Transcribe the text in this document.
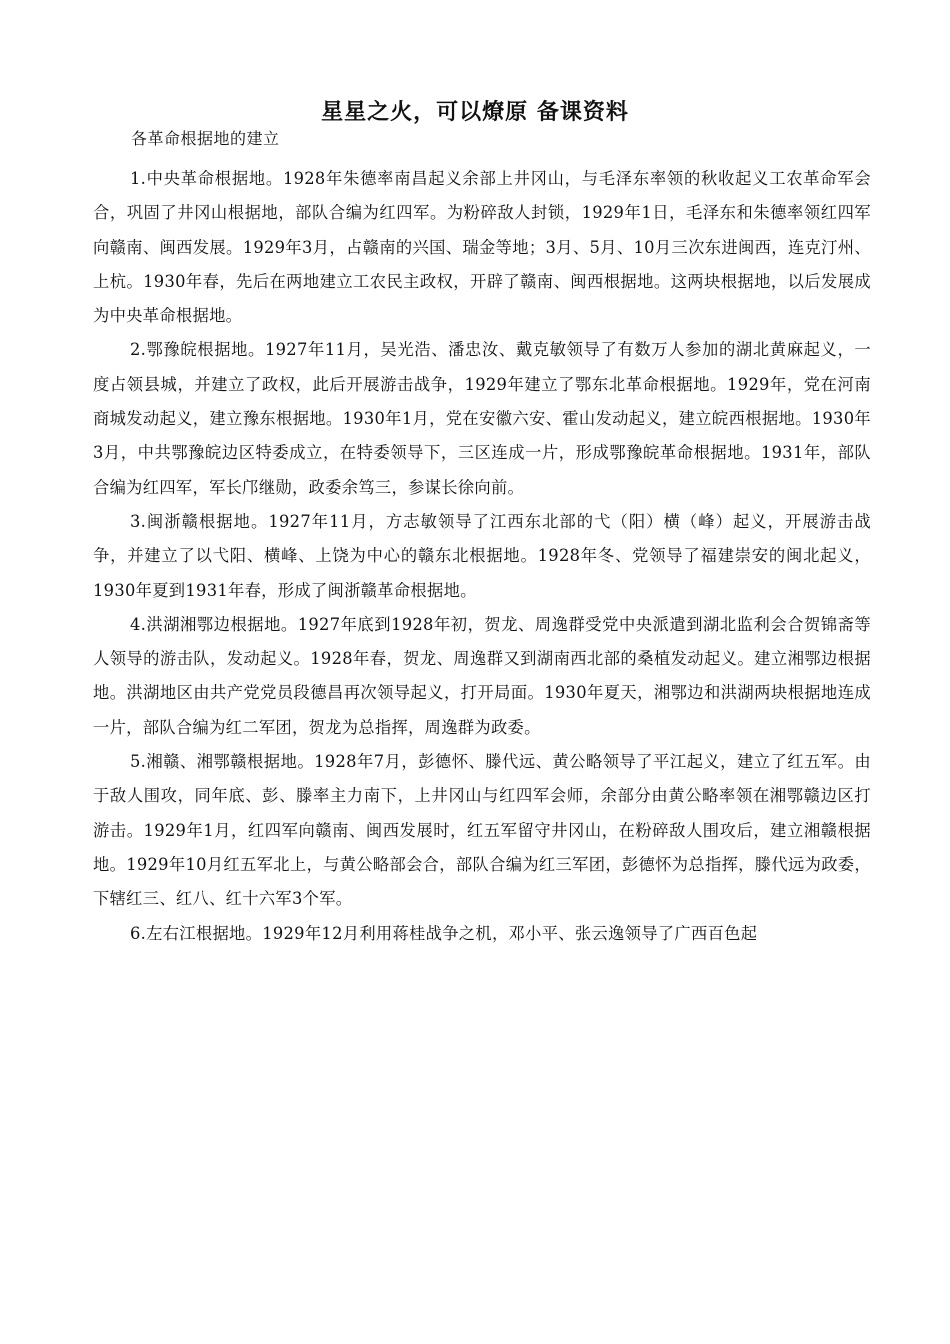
星星之火，可以燎原 备课资料
各革命根据地的建立

1.中央革命根据地。1928年朱德率南昌起义余部上井冈山，与毛泽东率领的秋收起义工农革命军会合，巩固了井冈山根据地，部队合编为红四军。为粉碎敌人封锁，1929年1日，毛泽东和朱德率领红四军向赣南、闽西发展。1929年3月，占赣南的兴国、瑞金等地；3月、5月、10月三次东进闽西，连克汀州、上杭。1930年春，先后在两地建立工农民主政权，开辟了赣南、闽西根据地。这两块根据地，以后发展成为中央革命根据地。

2.鄂豫皖根据地。1927年11月，吴光浩、潘忠汝、戴克敏领导了有数万人参加的湖北黄麻起义，一度占领县城，并建立了政权，此后开展游击战争，1929年建立了鄂东北革命根据地。1929年，党在河南商城发动起义，建立豫东根据地。1930年1月，党在安徽六安、霍山发动起义，建立皖西根据地。1930年3月，中共鄂豫皖边区特委成立，在特委领导下，三区连成一片，形成鄂豫皖革命根据地。1931年，部队合编为红四军，军长邝继勋，政委余笃三，参谋长徐向前。

3.闽浙赣根据地。1927年11月，方志敏领导了江西东北部的弋（阳）横（峰）起义，开展游击战争，并建立了以弋阳、横峰、上饶为中心的赣东北根据地。1928年冬、党领导了福建崇安的闽北起义，1930年夏到1931年春，形成了闽浙赣革命根据地。

4.洪湖湘鄂边根据地。1927年底到1928年初，贺龙、周逸群受党中央派遣到湖北监利会合贺锦斋等人领导的游击队，发动起义。1928年春，贺龙、周逸群又到湖南西北部的桑植发动起义。建立湘鄂边根据地。洪湖地区由共产党党员段德昌再次领导起义，打开局面。1930年夏天，湘鄂边和洪湖两块根据地连成一片，部队合编为红二军团，贺龙为总指挥，周逸群为政委。

5.湘赣、湘鄂赣根据地。1928年7月，彭德怀、滕代远、黄公略领导了平江起义，建立了红五军。由于敌人围攻，同年底、彭、滕率主力南下，上井冈山与红四军会师，余部分由黄公略率领在湘鄂赣边区打游击。1929年1月，红四军向赣南、闽西发展时，红五军留守井冈山，在粉碎敌人围攻后，建立湘赣根据地。1929年10月红五军北上，与黄公略部会合，部队合编为红三军团，彭德怀为总指挥，滕代远为政委，下辖红三、红八、红十六军3个军。

6.左右江根据地。1929年12月利用蒋桂战争之机，邓小平、张云逸领导了广西百色起
